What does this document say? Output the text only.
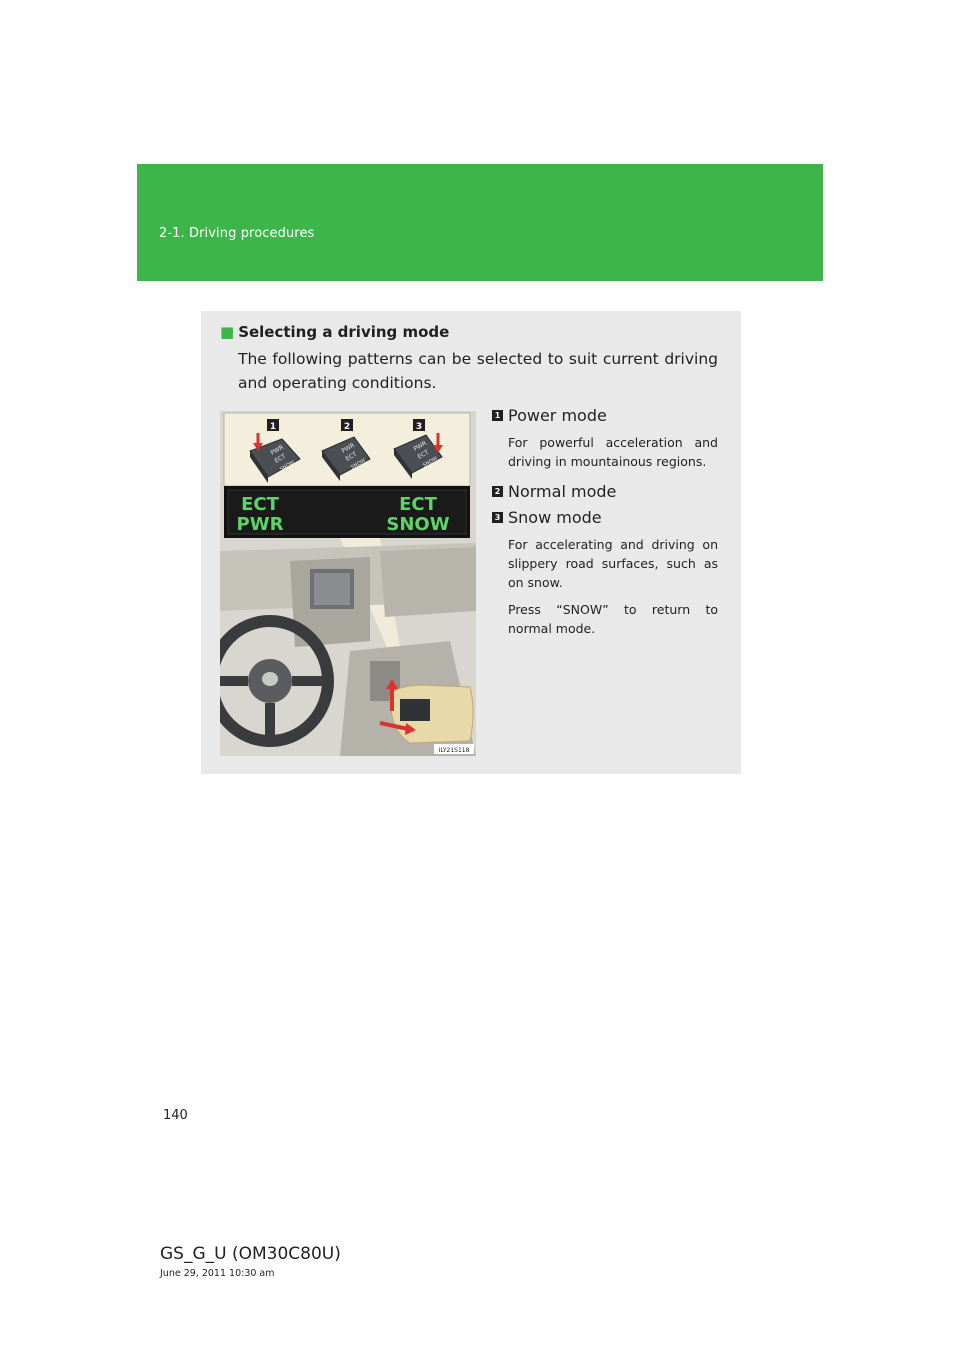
2-1. Driving procedures
■ Selecting a driving mode

The following patterns can be selected to suit current driving and operating conditions.

1	2	3
PWR
ECT
SNOW
PWR
ECT
SNOW
PWR
ECT
SNOW
ECT
PWR
ECT
SNOW
ILY21S118
1 Power mode
For powerful acceleration and driving in mountainous regions.
2 Normal mode
3 Snow mode
For accelerating and driving on slippery road surfaces, such as on snow.
Press “SNOW” to return to normal mode.
140
GS_G_U (OM30C80U)
June 29, 2011 10:30 am
